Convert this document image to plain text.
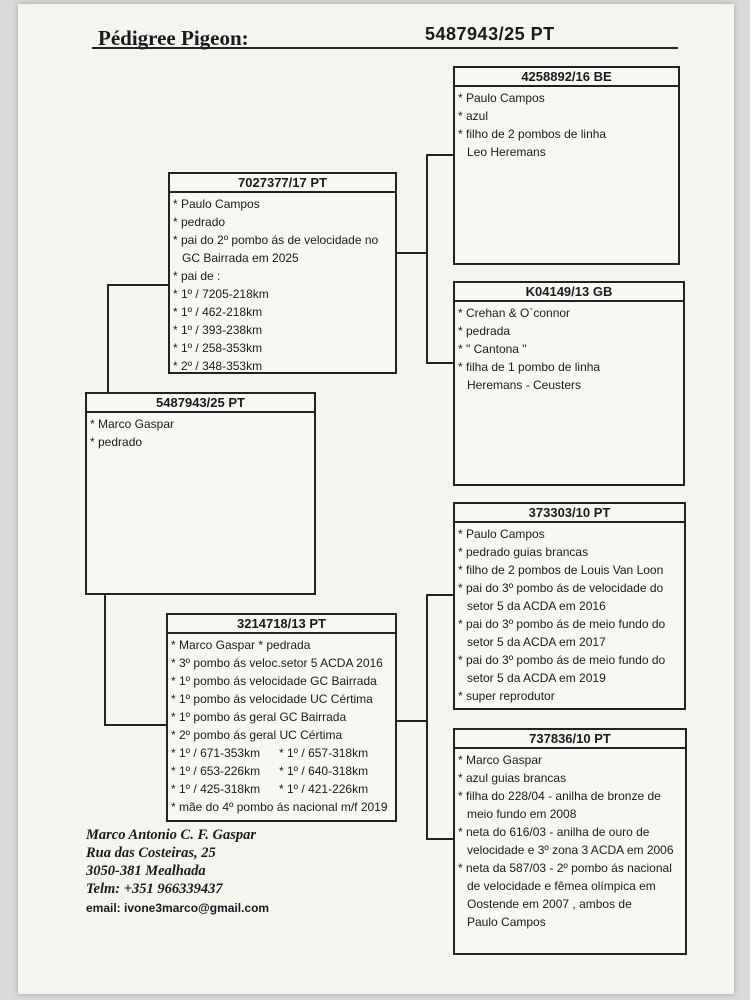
Pédigree Pigeon:	5487943/25 PT
5487943/25 PT
* Marco Gaspar
* pedrado
7027377/17 PT
* Paulo Campos
* pedrado
* pai do 2º pombo ás de velocidade no
GC Bairrada em 2025
* pai de :
* 1º / 7205-218km
* 1º / 462-218km
* 1º / 393-238km
* 1º / 258-353km
* 2º / 348-353km
3214718/13 PT
* Marco Gaspar * pedrada
* 3º pombo ás veloc.setor 5 ACDA 2016
* 1º pombo ás velocidade GC Bairrada
* 1º pombo ás velocidade UC Cértima
* 1º pombo ás geral GC Bairrada
* 2º pombo ás geral UC Cértima
* 1º / 671-353km	* 1º / 657-318km
* 1º / 653-226km	* 1º / 640-318km
* 1º / 425-318km	* 1º / 421-226km
* mãe do 4º pombo ás nacional m/f 2019
4258892/16 BE
* Paulo Campos
* azul
* filho de 2 pombos de linha
Leo Heremans
K04149/13 GB
* Crehan & O`connor
* pedrada
* " Cantona "
* filha de 1 pombo de linha
Heremans - Ceusters
373303/10 PT
* Paulo Campos
* pedrado guias brancas
* filho de 2 pombos de Louis Van Loon
* pai do 3º pombo ás de velocidade do
setor 5 da ACDA em 2016
* pai do 3º pombo ás de meio fundo do
setor 5 da ACDA em 2017
* pai do 3º pombo ás de meio fundo do
setor 5 da ACDA em 2019
* super reprodutor
737836/10 PT
* Marco Gaspar
* azul guias brancas
* filha do 228/04 - anilha de bronze de
meio fundo em 2008
* neta do 616/03 - anilha de ouro de
velocidade e 3º zona 3 ACDA em 2006
* neta da 587/03 - 2º pombo ás nacional
de velocidade e fêmea olímpica em
Oostende em 2007 , ambos de
Paulo Campos
Marco Antonio C. F. Gaspar
Rua das Costeiras, 25
3050-381 Mealhada
Telm: +351 966339437
email: ivone3marco@gmail.com
